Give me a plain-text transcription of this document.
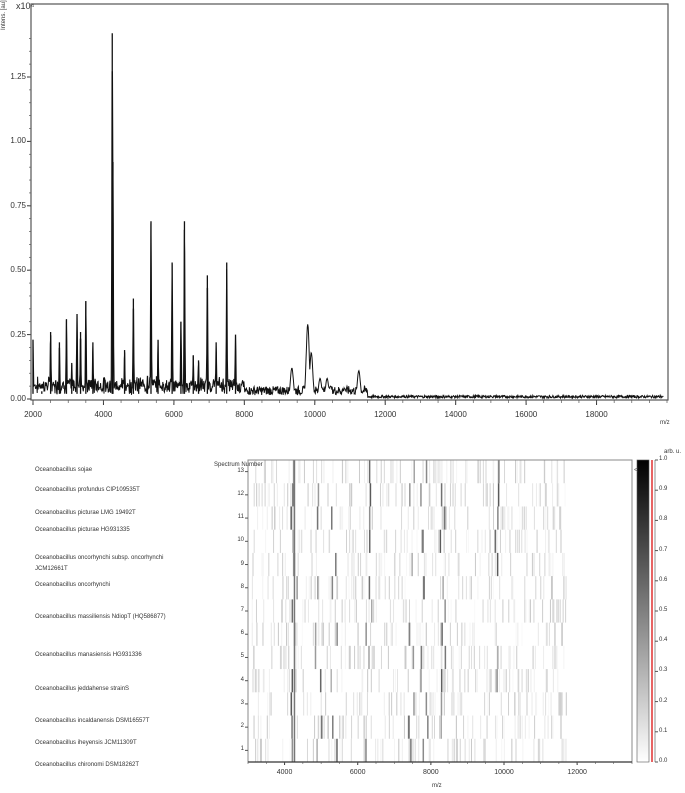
Intens. [au] x10⁴
m/z
0.00
0.25
0.50
0.75
1.00
1.25
2000	4000	6000	8000	10000	12000	14000	16000	18000
Oceanobacillus sojae
Oceanobacillus profundus CIP109535T
Oceanobacillus picturae LMG 19492T
Oceanobacillus picturae HG931335
Oceanobacillus oncorhynchi subsp. oncorhynchi
JCM12661T
Oceanobacillus oncorhynchi
Oceanobacillus massiliensis NdiopT (HQ586877)
Oceanobacillus manasiensis HG931336
Oceanobacillus jeddahense strainS
Oceanobacillus incaldanensis DSM16557T
Oceanobacillus iheyensis JCM11309T
Oceanobacillus chironomi DSM18262T
<
Spectrum Number
m/z
arb. u.
1
2
3
4
5
6
7
8
9
10
11
12
13
4000	6000	8000	10000	12000
1.0
0.9
0.8
0.7
0.6
0.5
0.4
0.3
0.2
0.1
0.0
